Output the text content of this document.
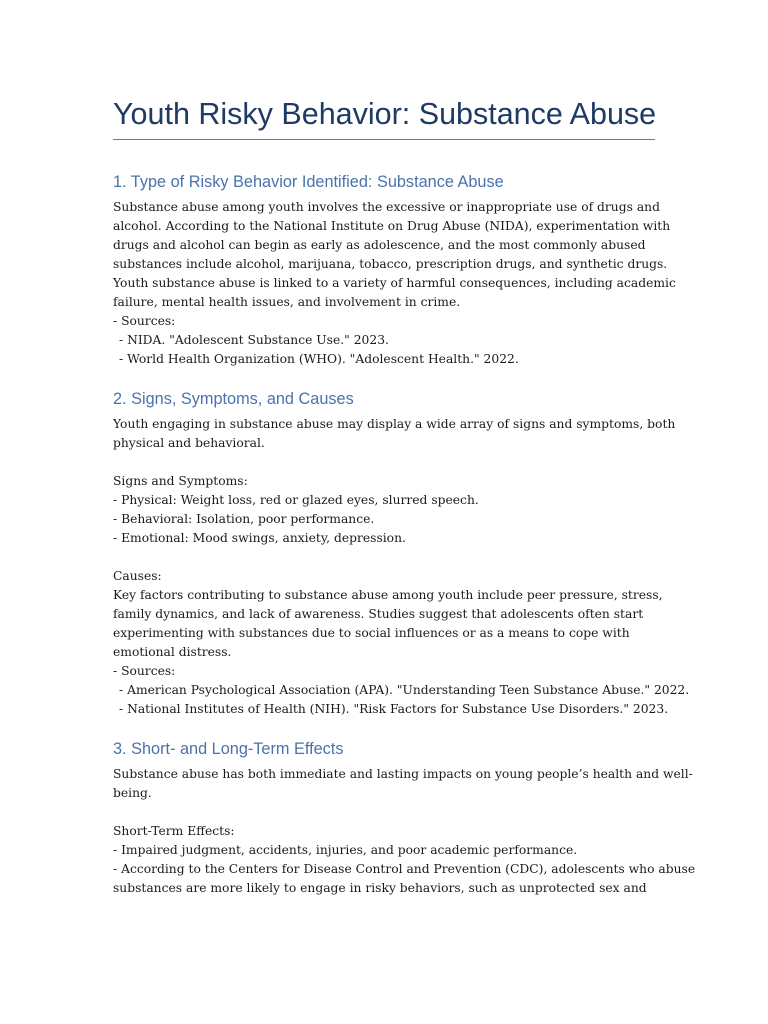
Youth Risky Behavior: Substance Abuse
1. Type of Risky Behavior Identified: Substance Abuse
Substance abuse among youth involves the excessive or inappropriate use of drugs and
alcohol. According to the National Institute on Drug Abuse (NIDA), experimentation with
drugs and alcohol can begin as early as adolescence, and the most commonly abused
substances include alcohol, marijuana, tobacco, prescription drugs, and synthetic drugs.
Youth substance abuse is linked to a variety of harmful consequences, including academic
failure, mental health issues, and involvement in crime.
- Sources:
- NIDA. "Adolescent Substance Use." 2023.
- World Health Organization (WHO). "Adolescent Health." 2022.
2. Signs, Symptoms, and Causes
Youth engaging in substance abuse may display a wide array of signs and symptoms, both
physical and behavioral.
Signs and Symptoms:
- Physical: Weight loss, red or glazed eyes, slurred speech.
- Behavioral: Isolation, poor performance.
- Emotional: Mood swings, anxiety, depression.
Causes:
Key factors contributing to substance abuse among youth include peer pressure, stress,
family dynamics, and lack of awareness. Studies suggest that adolescents often start
experimenting with substances due to social influences or as a means to cope with
emotional distress.
- Sources:
- American Psychological Association (APA). "Understanding Teen Substance Abuse." 2022.
- National Institutes of Health (NIH). "Risk Factors for Substance Use Disorders." 2023.
3. Short- and Long-Term Effects
Substance abuse has both immediate and lasting impacts on young people’s health and well-
being.
Short-Term Effects:
- Impaired judgment, accidents, injuries, and poor academic performance.
- According to the Centers for Disease Control and Prevention (CDC), adolescents who abuse
substances are more likely to engage in risky behaviors, such as unprotected sex and
